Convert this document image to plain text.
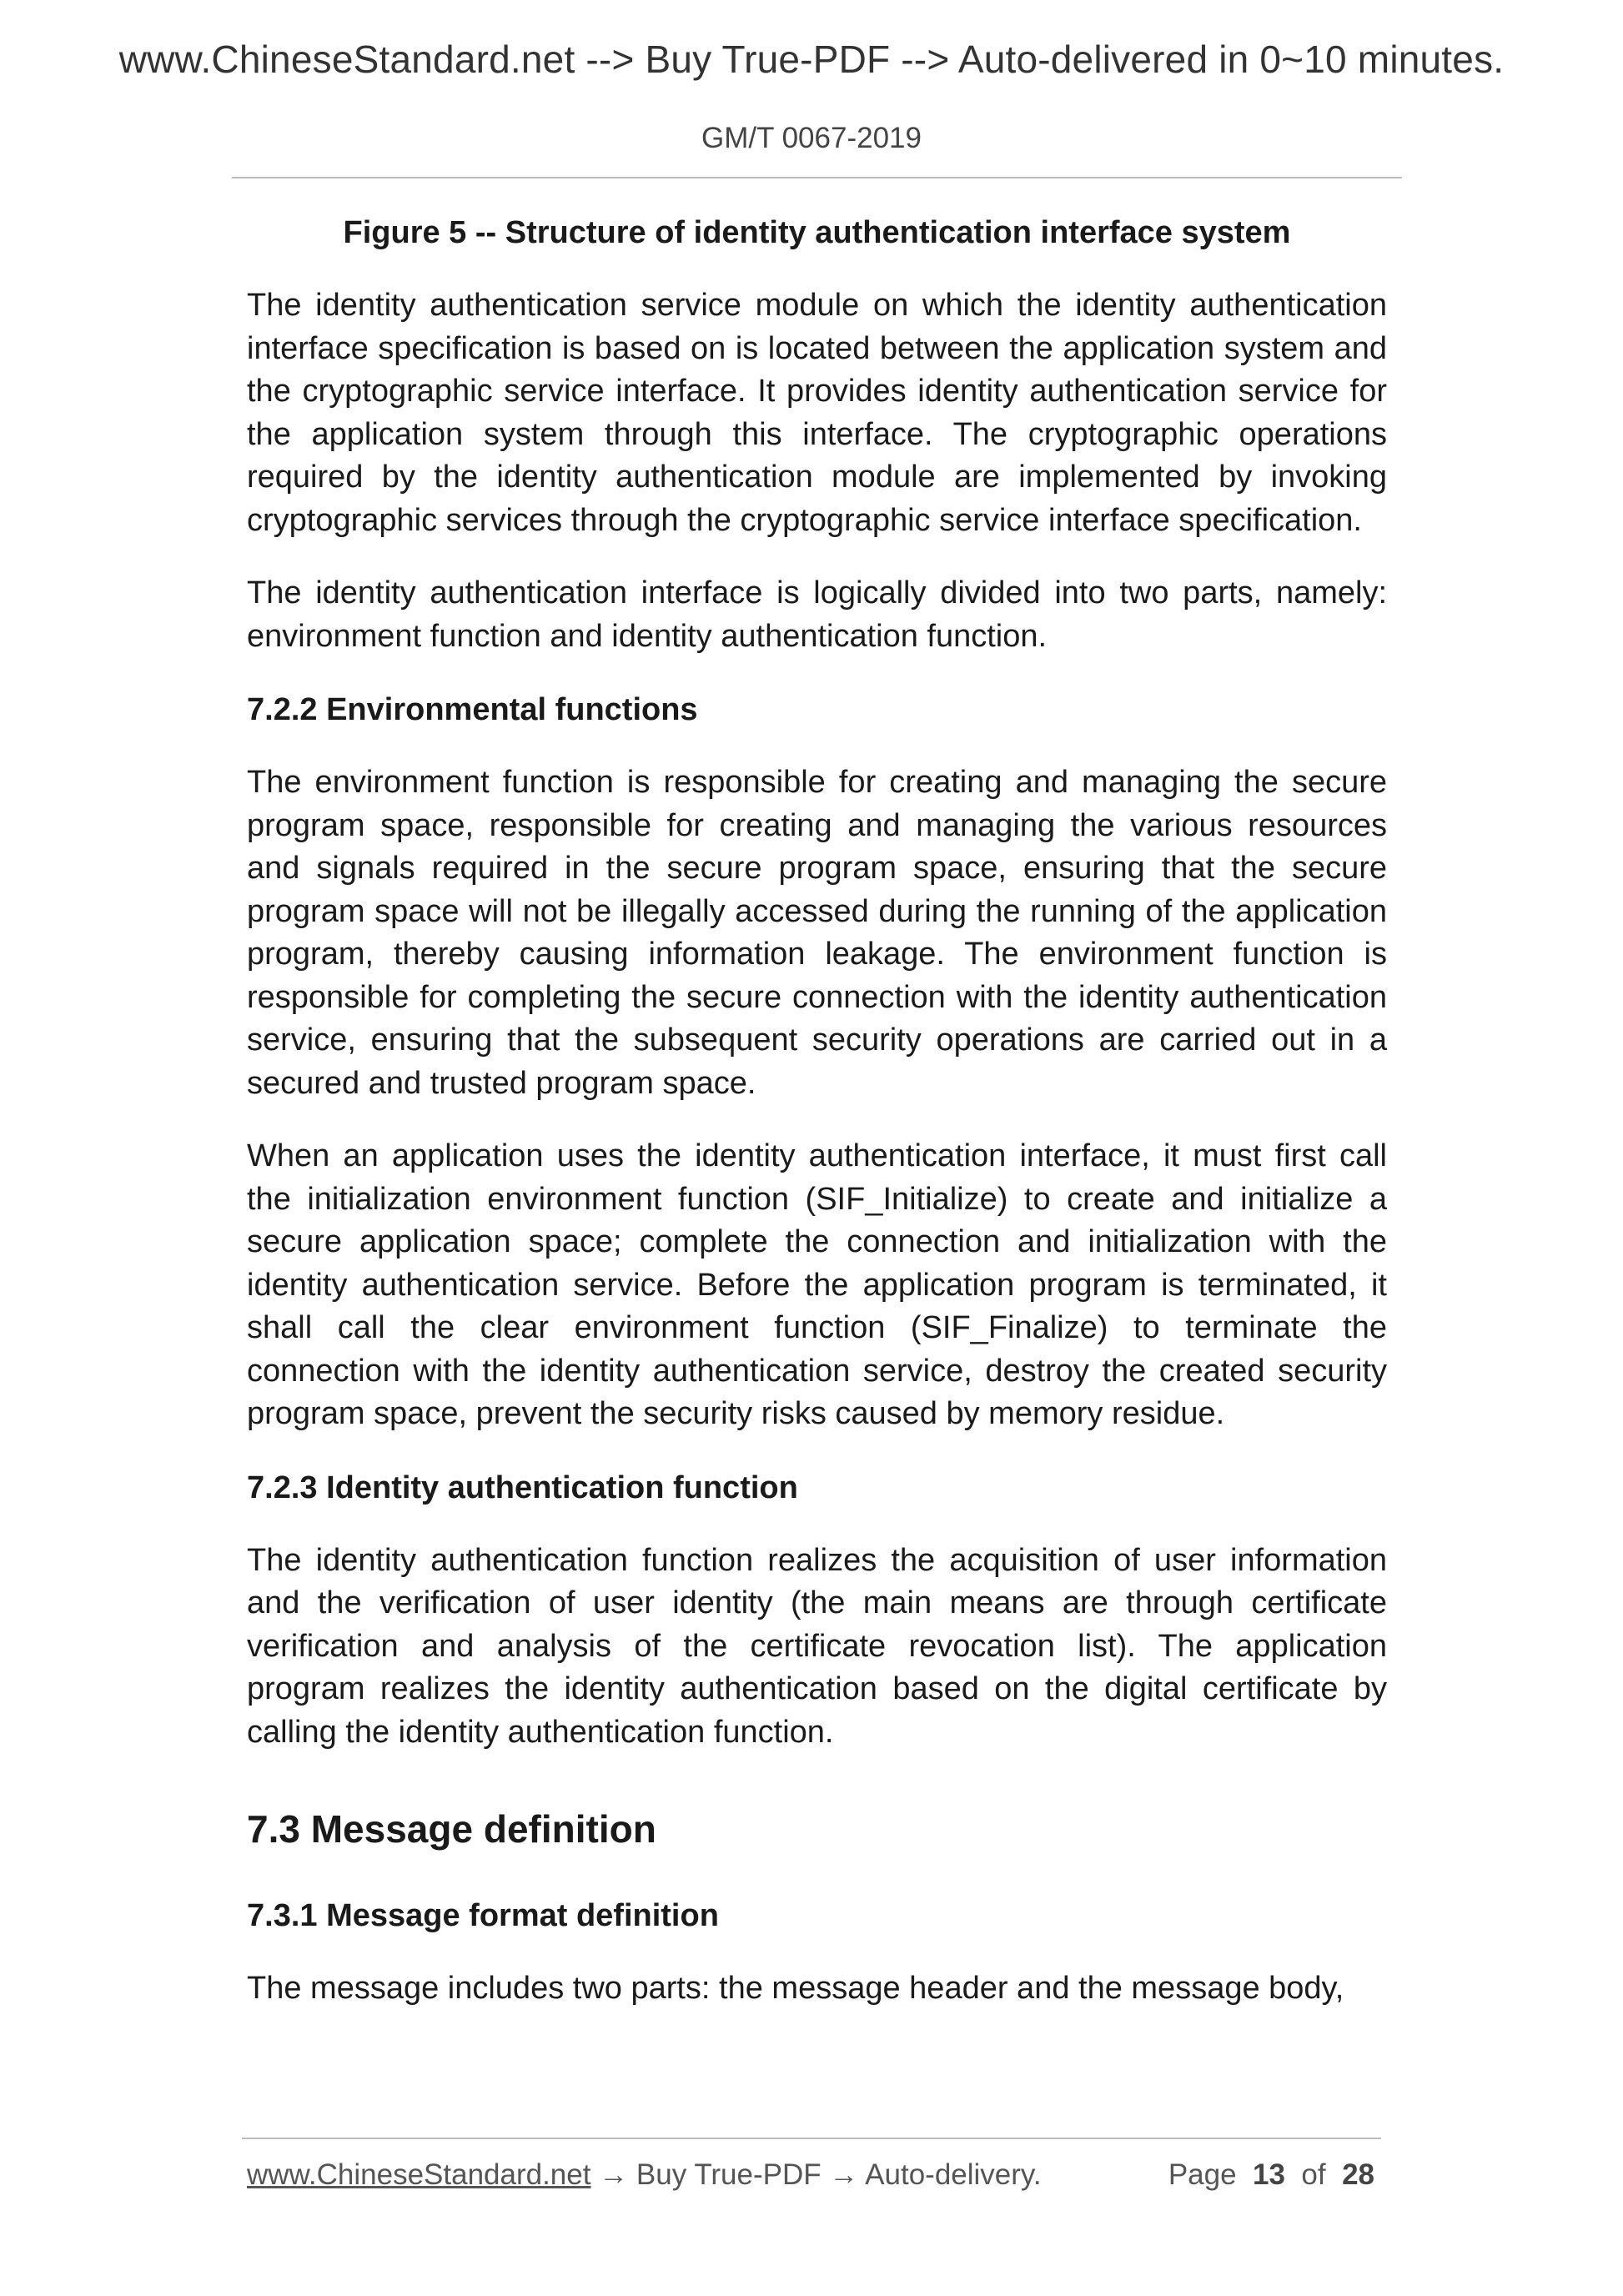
www.ChineseStandard.net --> Buy True-PDF --> Auto-delivered in 0~10 minutes.
GM/T 0067-2019
Figure 5 -- Structure of identity authentication interface system

The identity authentication service module on which the identity authentication interface specification is based on is located between the application system and the cryptographic service interface. It provides identity authentication service for the application system through this interface. The cryptographic operations required by the identity authentication module are implemented by invoking cryptographic services through the cryptographic service interface specification.

The identity authentication interface is logically divided into two parts, namely: environment function and identity authentication function.

7.2.2 Environmental functions

The environment function is responsible for creating and managing the secure program space, responsible for creating and managing the various resources and signals required in the secure program space, ensuring that the secure program space will not be illegally accessed during the running of the application program, thereby causing information leakage. The environment function is responsible for completing the secure connection with the identity authentication service, ensuring that the subsequent security operations are carried out in a secured and trusted program space.

When an application uses the identity authentication interface, it must first call the initialization environment function (SIF_Initialize) to create and initialize a secure application space; complete the connection and initialization with the identity authentication service. Before the application program is terminated, it shall call the clear environment function (SIF_Finalize) to terminate the connection with the identity authentication service, destroy the created security program space, prevent the security risks caused by memory residue.

7.2.3 Identity authentication function

The identity authentication function realizes the acquisition of user information and the verification of user identity (the main means are through certificate verification and analysis of the certificate revocation list). The application program realizes the identity authentication based on the digital certificate by calling the identity authentication function.

7.3 Message definition
7.3.1 Message format definition

The message includes two parts: the message header and the message body,

www.ChineseStandard.net → Buy True-PDF → Auto-delivery.	Page 13 of 28
